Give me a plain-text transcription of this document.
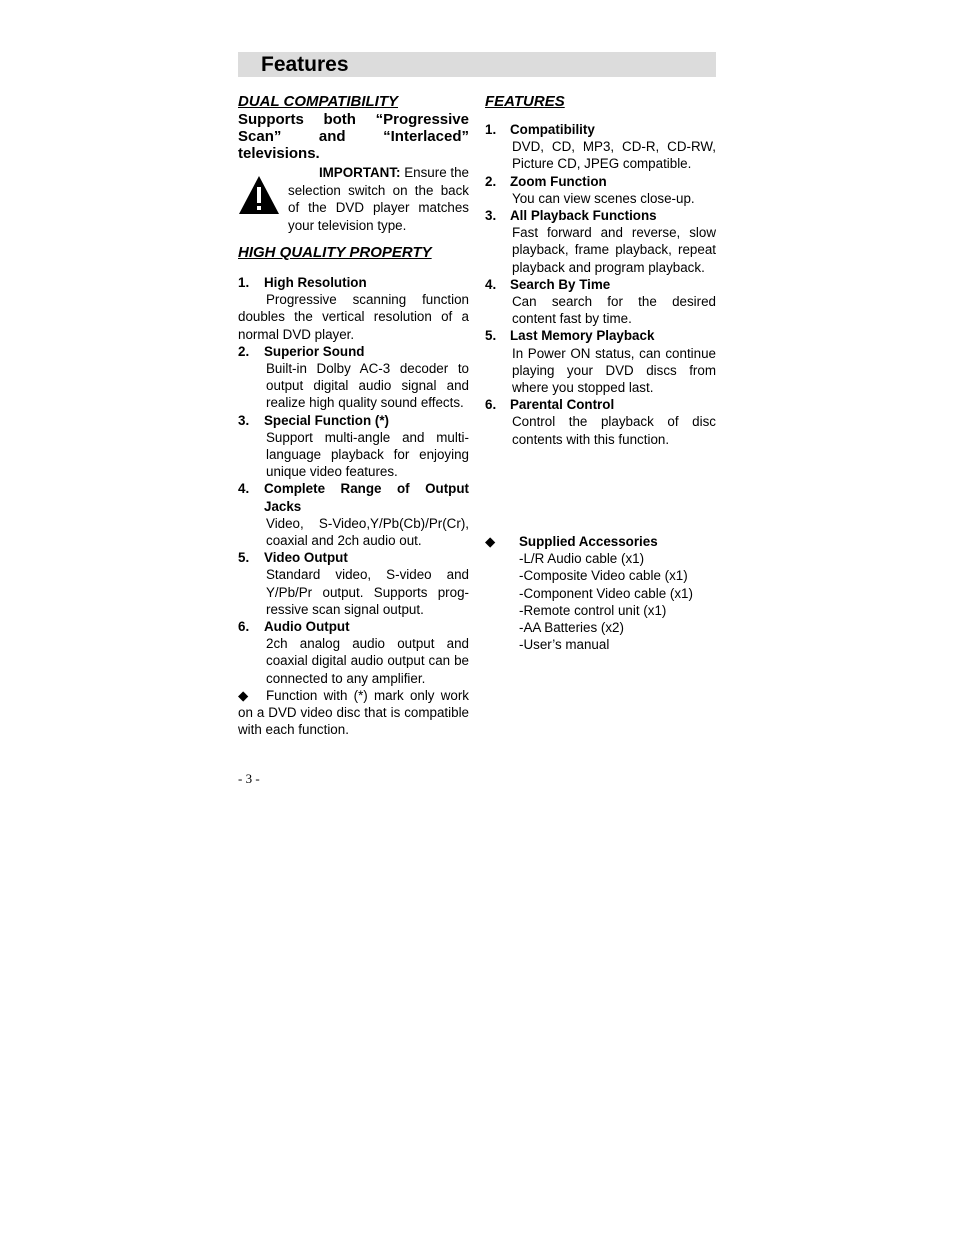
Features

DUAL COMPATIBILITY

Supports both “Progressive
Scan” and “Interlaced”
televisions.

IMPORTANT: Ensure the
selection switch on the back of the DVD player matches your television type.

HIGH QUALITY PROPERTY

1.	High Resolution
Progressive scanning function doubles the vertical resolution of a normal DVD player.
2.	Superior Sound
Built-in Dolby AC-3 decoder to output digital audio signal and realize high quality sound effects.
3.	Special Function (*)
Support multi-angle and multi-language playback for enjoying unique video features.
4.	Complete Range of Output Jacks
Video, S-Video,Y/Pb(Cb)/Pr(Cr), coaxial and 2ch audio out.
5.	Video Output
Standard video, S-video and Y/Pb/Pr output. Supports prog-ressive scan signal output.
6.	Audio Output
2ch analog audio output and coaxial digital audio output can be connected to any amplifier.
◆ Function with (*) mark only work on a DVD video disc that is compatible with each function.

FEATURES

1.	Compatibility
DVD, CD, MP3, CD-R, CD-RW, Picture CD, JPEG compatible.
2.	Zoom Function
You can view scenes close-up.
3.	All Playback Functions
Fast forward and reverse, slow playback, frame playback, repeat playback and program playback.
4.	Search By Time
Can search for the desired content fast by time.
5.	Last Memory Playback
In Power ON status, can continue playing your DVD discs from where you stopped last.
6.	Parental Control
Control the playback of disc contents with this function.
◆	Supplied Accessories
-L/R Audio cable (x1)
-Composite Video cable (x1)
-Component Video cable (x1)
-Remote control unit (x1)
-AA Batteries (x2)
-User’s manual
- 3 -
